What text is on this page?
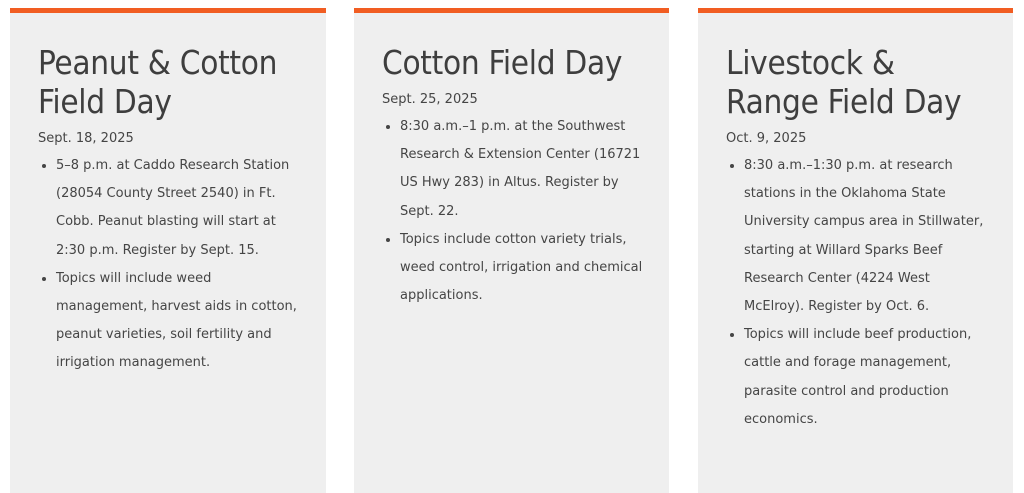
Peanut & Cotton Field Day

Sept. 18, 2025

• 5–8 p.m. at Caddo Research Station (28054 County Street 2540) in Ft. Cobb. Peanut blasting will start at 2:30 p.m. Register by Sept. 15.
• Topics will include weed management, harvest aids in cotton, peanut varieties, soil fertility and irrigation management.
Cotton Field Day

Sept. 25, 2025

• 8:30 a.m.–1 p.m. at the Southwest Research & Extension Center (16721 US Hwy 283) in Altus. Register by Sept. 22.
• Topics include cotton variety trials, weed control, irrigation and chemical applications.
Livestock & Range Field Day

Oct. 9, 2025

• 8:30 a.m.–1:30 p.m. at research stations in the Oklahoma State University campus area in Stillwater, starting at Willard Sparks Beef Research Center (4224 West McElroy). Register by Oct. 6.
• Topics will include beef production, cattle and forage management, parasite control and production economics.
